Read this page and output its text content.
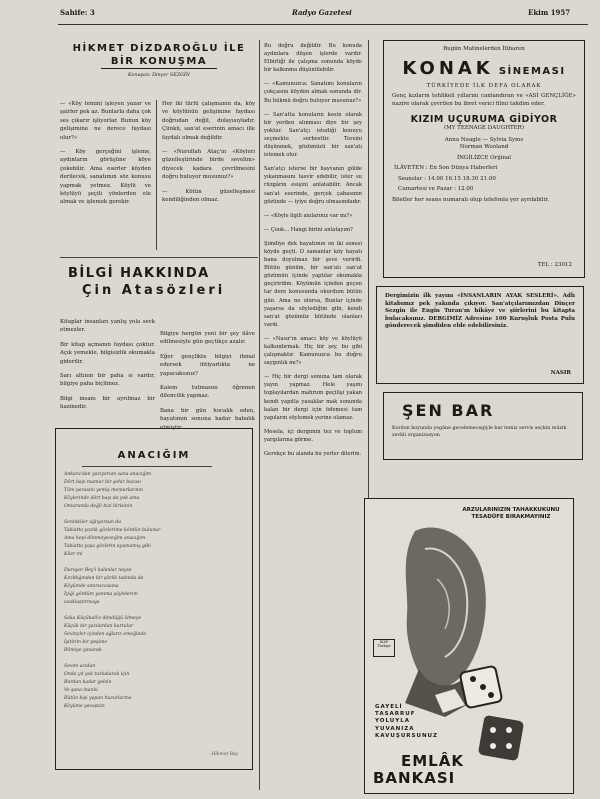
Sahife: 3	Radyo Gazetesi	Ekim 1957
HİKMET DİZDAROĞLU İLE
BİR KONUŞMA
Konuşan: Dinçer SEZGİN

— «Köy temini işleyen yazar ve şairler pek az. Bunlarla daha çok ses çıkarır işliyorlar. Bunun köy gelişimine ne derece faydası olur?»

— Köy gerçeğini işleme, aydınların görüşüne köye çekebilir. Ama eserler köyden derilecek, sanatımın söz konusu yapmak yetmez. Köylü ve köylüyü şeçili yönlerden ele almak ve işlemek gerekir.

Her iki türlü çalışmanın da, köy ve köylünün gelişimine faydası doğrudan değil, dolayısıyladır. Çünkü, san'at eserinin amacı ille faydalı olmak değildir.

— «Nurullah Ataç'ın «Köyleri güzelleştirinde birde sevelim» diyecek kadara çevrilmesini doğru buluyor musunuz?»

— Kötün güzelleşmesi kendiliğinden olmaz.

Bu doğru değildir. Bu konuda aydınlara düşen işlerde vardır. Elbirliği ile çalışma sonunda köyde bir kalkınma düşünülebilir.

— «Kamunuzca: Sanatımı konuların çokçasını köyden almak sonunda dir. Bu hükmü doğru buluyor musunuz?»

— San'atta konuların kesin olarak bir yerden alınması diye bir şey yoktur. San'atçı istediği konuyu seçmekte serbesttir. Tersini düşünmek, gözümüzü bir san'atı istemek olur.

San'atçı isterse bir hayvanın gölde yıkanmasını tasvir edebilir, ister su rüzgârın esişini anlatabilir. Ancak san'at eserinde, gerçek çabasının gözünde — iyiye doğru olmasındadır.

— «Köyle ilgili anılarınız var mı?»

— Çook... Hangi birini anlatayım?

Şimdiye dek hayatımın on iki senesi köyde geçti. O zamanlar köy hayatı bana doyulmaz bir şeve verirdi. Bütün günüm, bir san'atı san'at gözümün içinde yaptılar okumakla geçirirdim. Köyümün içinden geçen tar dere konusunda okurdum bütün gün. Ama ne olursa, Bunlar içinde yaşarsa da söylediğim gibi, kendi san'at gözümüz bütünde olanları vardı.

— «Nasır'ın amacı köy ve köylüyü kalkındırmak. Hiç bir şey, bu gibi çalışmaktır. Kamunuzca bu doğru saygınlık mı?»

— Hiç bir dergi sonuna tam olarak yayın yapmaz. Hele yaşını toplayılardan mahrum geçilişi yakan kendi yapıtla yasaklar mak sonunda kalan bir dergi için ödemesi tam yapıların söylemek yerine olamaz.

Mesela, içi dergimin tez ve toplum yargılarına görme.

Gerekçe bu alanda bu yerler dilerim.

BİLGİ HAKKINDA
Çin Atasözleri

Kitaplar insanları yanlış yola sevk etmezler.

Bir kitap açmanın faydası çoktur. Açık yemekle, bilgisizlik okumakla giderilir.

Sarı altının bir paha sı vardır, bilgiye paha biçilmez.

Bilgi insanı bir ayrılmaz bir hazinedir.

Bilgiye hergün yeni bir şey ilâve edilmesiyle gün geçtikçe azalır.

Eğer gençlikte bilgiyi ihmal edersek ihtiyarlıkta ne yapacaksınız?

Kalem tutmasını öğrenen dilencilik yapmaz.

Bana bir gün hocalık eden, hayatımın sonuna kadar babalık etmiştir.

ANACIĞIM

Ankara'dan yazıyorum sana anacığım

Dört başı mamur bir şehir burası

Tüm parasını yemiş memurlarının

Köylerinde dört başı da yok ama

Omurunda değil bizi birisinin

Seninkiler ağlıyorsun da

Tabiatta yazlık gözlerime kördün bulunur

Ama hepi dönmeyeceğim anacığım

Tabiatta yaşa gözlerin uyumamış gibi

Kiler mi

Duruyor Bey'i kalanlar neyse

Kırıldığından bir şiirlik tadında da

Köyümde sınırsızcasına

İyiği gördüm yanıma şöylelerim

uzaklaştırmaya

Saka Küçükali'e döndüğü ölmeye

Küçük bir yazılardan kurtulur

Sevinçler içinden ağlarız emeğinde

İşitirim bir peşime

Bilmiye yanarak

Sevim acıdan

Onda yıl yok tuzlukarak için

Burdan kadar gelsin

Ve şana inanki

Bütün kişi yapan huzurlarına

Köyüme yavaştan

Hikmet Baş
Bugün Matinelerden İtibaren
KONAK SİNEMASI
TÜRKİYEDE İLK DEFA OLARAK
Genç kızların tehlikeli yıllarını canlandıran ve «ASİ GENÇLİĞE» nazire olarak çevrilen bu ibret verici filmi takdim eder.
KIZIM UÇURUMA GİDİYOR
(MY TEENAGE DAUGHTER)
Anna Neagle — Sylvia Syms
Norman Wooland
İNGİLİZCE Orijinal
İLÂVETEN : En Son Dünya Haberleri
Seanslar : 14.00 16.15 18.30 21.00
Cumartesi ve Pazar : 12.00
Biletler her seans numaralı olup telefonla yer ayrılabilir.
TEL : 23012
Dergimizin ilk yayını «İNSANLARIN AYAK SESLERİ». Adlı kitabımız pek yakında çıkıyor. San'atçılarımızdan Dinçer Sezgin ile Engin Turan'ın hikâye ve şiirlerini bu kitapta bulacaksınız. DERGİMİZ Adresine 100 Kuruşluk Posta Pulu gönderecek şimdiden elde edebilirsiniz.
NASIR
ŞEN BAR
Kordon boyunda yegâne gecelemecegiyle bar temiz servis seçkin müzik zevkli organizasyon
ARZULARINIZIN TAHAKKUKUNU TESADÜFE BIRAKMAYINIZ
İKSP Türkiye
GAYELİ
TASARRUF
YOLUYLA
YUVANIZA
KAVUŞURSUNUZ
EMLÂK
BANKASI
